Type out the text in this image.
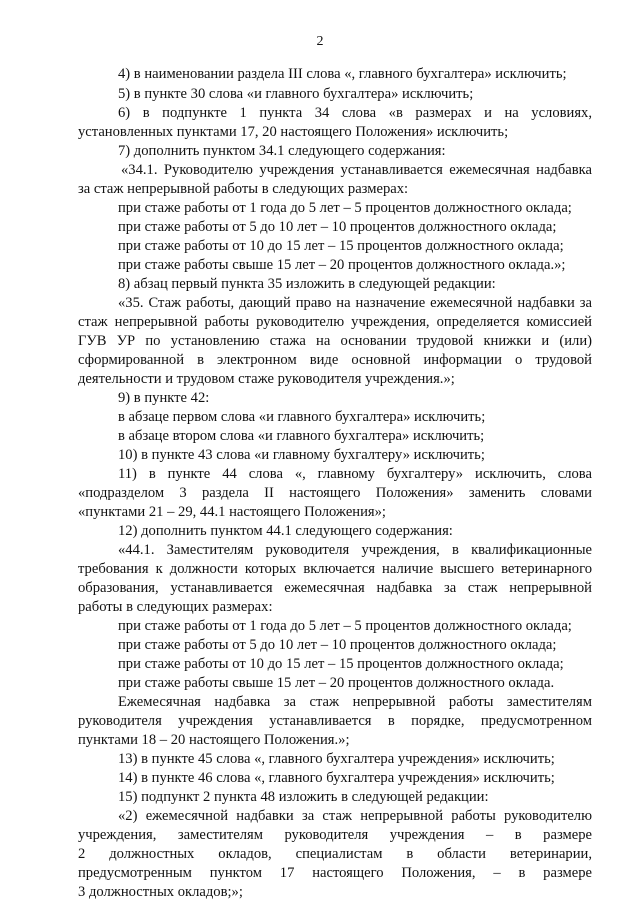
2
4) в наименовании раздела III слова «, главного бухгалтера» исключить;
5) в пункте 30 слова «и главного бухгалтера» исключить;
6) в подпункте 1 пункта 34 слова «в размерах и на условиях,
установленных пунктами 17, 20 настоящего Положения» исключить;
7) дополнить пунктом 34.1 следующего содержания:
«34.1. Руководителю учреждения устанавливается ежемесячная надбавка
за стаж непрерывной работы в следующих размерах:
при стаже работы от 1 года до 5 лет – 5 процентов должностного оклада;
при стаже работы от 5 до 10 лет – 10 процентов должностного оклада;
при стаже работы от 10 до 15 лет – 15 процентов должностного оклада;
при стаже работы свыше 15 лет – 20 процентов должностного оклада.»;
8) абзац первый пункта 35 изложить в следующей редакции:
«35. Стаж работы, дающий право на назначение ежемесячной надбавки за
стаж непрерывной работы руководителю учреждения, определяется комиссией
ГУВ УР по установлению стажа на основании трудовой книжки и (или)
сформированной в электронном виде основной информации о трудовой
деятельности и трудовом стаже руководителя учреждения.»;
9) в пункте 42:
в абзаце первом слова «и главного бухгалтера» исключить;
в абзаце втором слова «и главного бухгалтера» исключить;
10) в пункте 43 слова «и главному бухгалтеру» исключить;
11) в пункте 44 слова «, главному бухгалтеру» исключить, слова
«подразделом 3 раздела II настоящего Положения» заменить словами
«пунктами 21 – 29, 44.1 настоящего Положения»;
12) дополнить пунктом 44.1 следующего содержания:
«44.1. Заместителям руководителя учреждения, в квалификационные
требования к должности которых включается наличие высшего ветеринарного
образования, устанавливается ежемесячная надбавка за стаж непрерывной
работы в следующих размерах:
при стаже работы от 1 года до 5 лет – 5 процентов должностного оклада;
при стаже работы от 5 до 10 лет – 10 процентов должностного оклада;
при стаже работы от 10 до 15 лет – 15 процентов должностного оклада;
при стаже работы свыше 15 лет – 20 процентов должностного оклада.
Ежемесячная надбавка за стаж непрерывной работы заместителям
руководителя учреждения устанавливается в порядке, предусмотренном
пунктами 18 – 20 настоящего Положения.»;
13) в пункте 45 слова «, главного бухгалтера учреждения» исключить;
14) в пункте 46 слова «, главного бухгалтера учреждения» исключить;
15) подпункт 2 пункта 48 изложить в следующей редакции:
«2) ежемесячной надбавки за стаж непрерывной работы руководителю
учреждения, заместителям руководителя учреждения – в размере
2 должностных окладов, специалистам в области ветеринарии,
предусмотренным пунктом 17 настоящего Положения, – в размере
3 должностных окладов;»;
